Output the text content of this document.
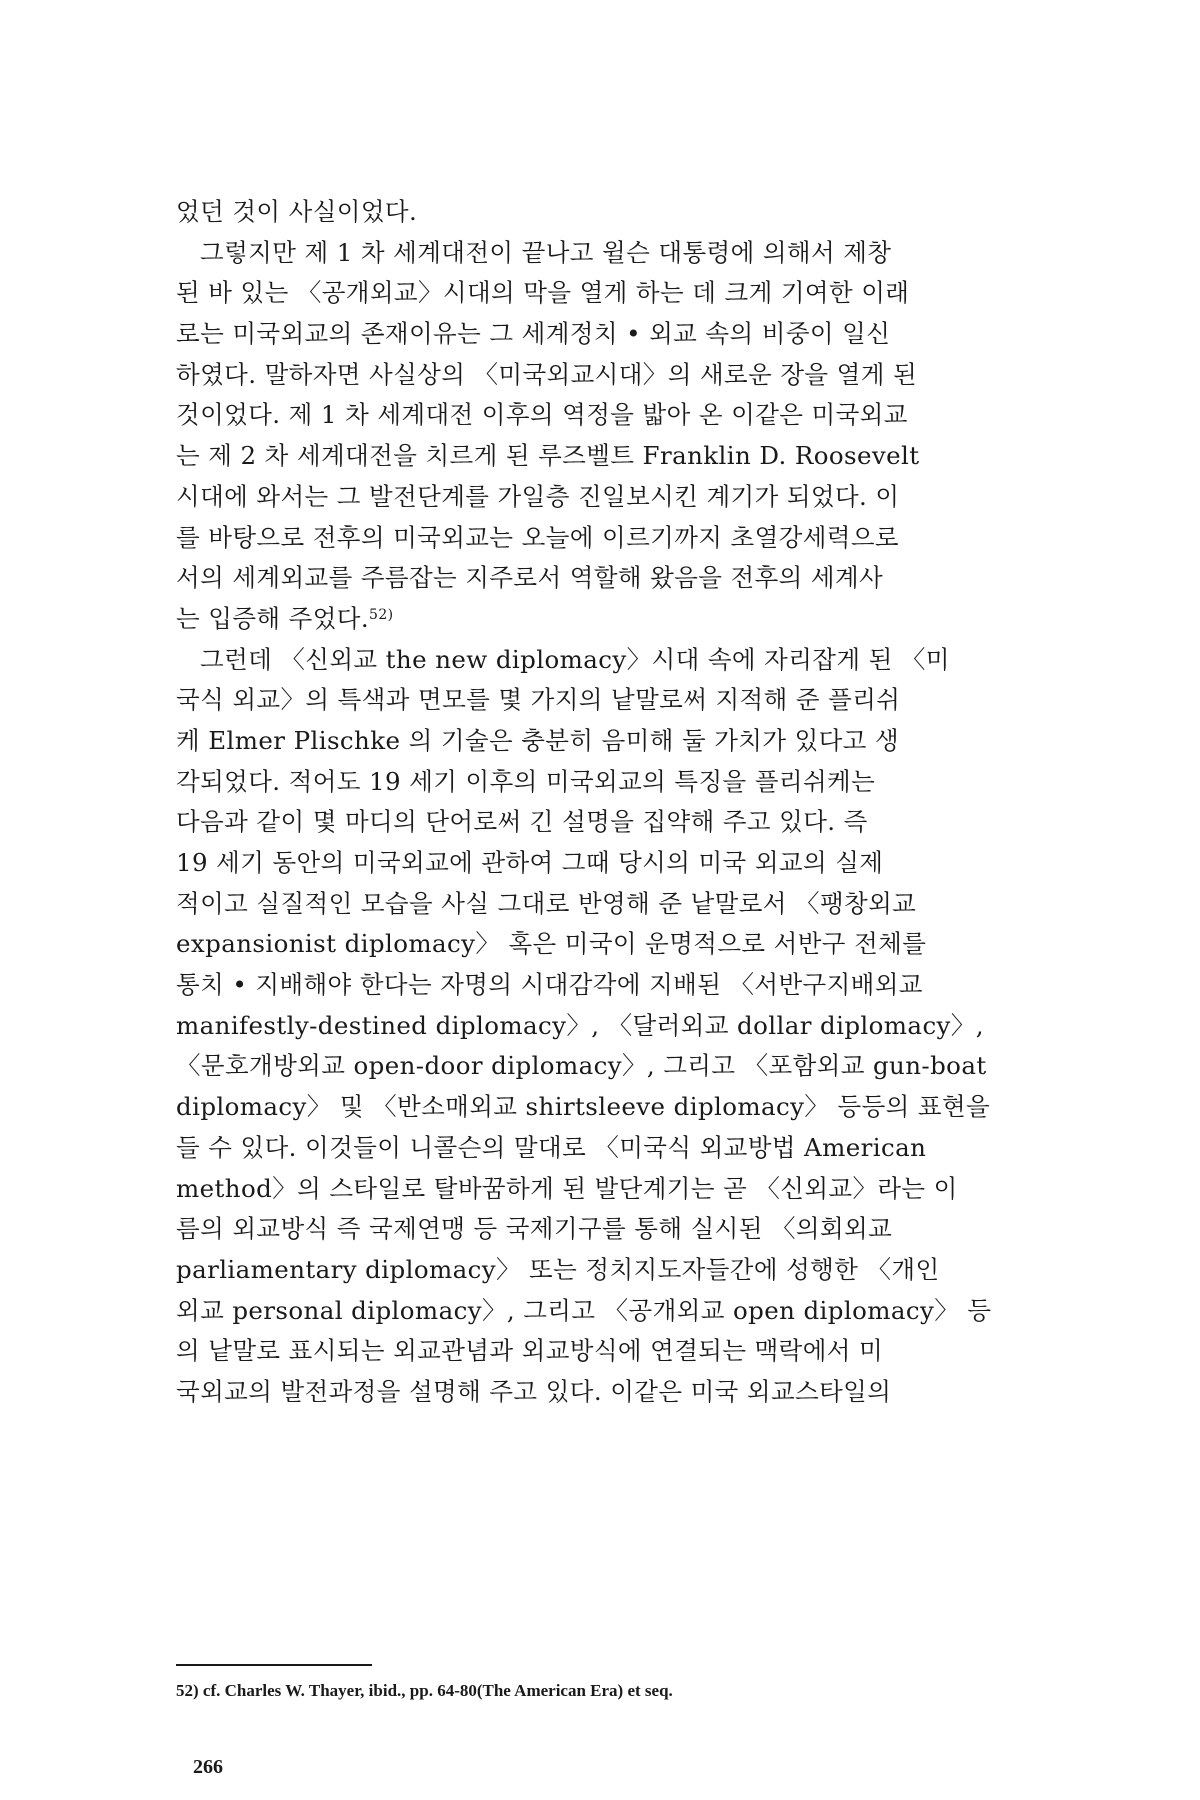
었던 것이 사실이었다.
그렇지만 제 1 차 세계대전이 끝나고 윌슨 대통령에 의해서 제창
된 바 있는 〈공개외교〉시대의 막을 열게 하는 데 크게 기여한 이래
로는 미국외교의 존재이유는 그 세계정치 • 외교 속의 비중이 일신
하였다. 말하자면 사실상의 〈미국외교시대〉의 새로운 장을 열게 된
것이었다. 제 1 차 세계대전 이후의 역정을 밟아 온 이같은 미국외교
는 제 2 차 세계대전을 치르게 된 루즈벨트 Franklin D. Roosevelt
시대에 와서는 그 발전단계를 가일층 진일보시킨 계기가 되었다. 이
를 바탕으로 전후의 미국외교는 오늘에 이르기까지 초열강세력으로
서의 세계외교를 주름잡는 지주로서 역할해 왔음을 전후의 세계사
는 입증해 주었다.$^{52)}$
그런데 〈신외교 the new diplomacy〉시대 속에 자리잡게 된 〈미
국식 외교〉의 특색과 면모를 몇 가지의 낱말로써 지적해 준 플리쉬
케 Elmer Plischke 의 기술은 충분히 음미해 둘 가치가 있다고 생
각되었다. 적어도 19 세기 이후의 미국외교의 특징을 플리쉬케는
다음과 같이 몇 마디의 단어로써 긴 설명을 집약해 주고 있다. 즉
19 세기 동안의 미국외교에 관하여 그때 당시의 미국 외교의 실제
적이고 실질적인 모습을 사실 그대로 반영해 준 낱말로서 〈팽창외교
expansionist diplomacy〉 혹은 미국이 운명적으로 서반구 전체를
통치 • 지배해야 한다는 자명의 시대감각에 지배된 〈서반구지배외교
manifestly-destined diplomacy〉, 〈달러외교 dollar diplomacy〉,
〈문호개방외교 open-door diplomacy〉, 그리고 〈포함외교 gun-boat
diplomacy〉 및 〈반소매외교 shirtsleeve diplomacy〉 등등의 표현을
들 수 있다. 이것들이 니콜슨의 말대로 〈미국식 외교방법 American
method〉의 스타일로 탈바꿈하게 된 발단계기는 곧 〈신외교〉라는 이
름의 외교방식 즉 국제연맹 등 국제기구를 통해 실시된 〈의회외교
parliamentary diplomacy〉 또는 정치지도자들간에 성행한 〈개인
외교 personal diplomacy〉, 그리고 〈공개외교 open diplomacy〉 등
의 낱말로 표시되는 외교관념과 외교방식에 연결되는 맥락에서 미
국외교의 발전과정을 설명해 주고 있다. 이같은 미국 외교스타일의
52) cf. Charles W. Thayer, ibid., pp. 64-80(The American Era) et seq.
266
